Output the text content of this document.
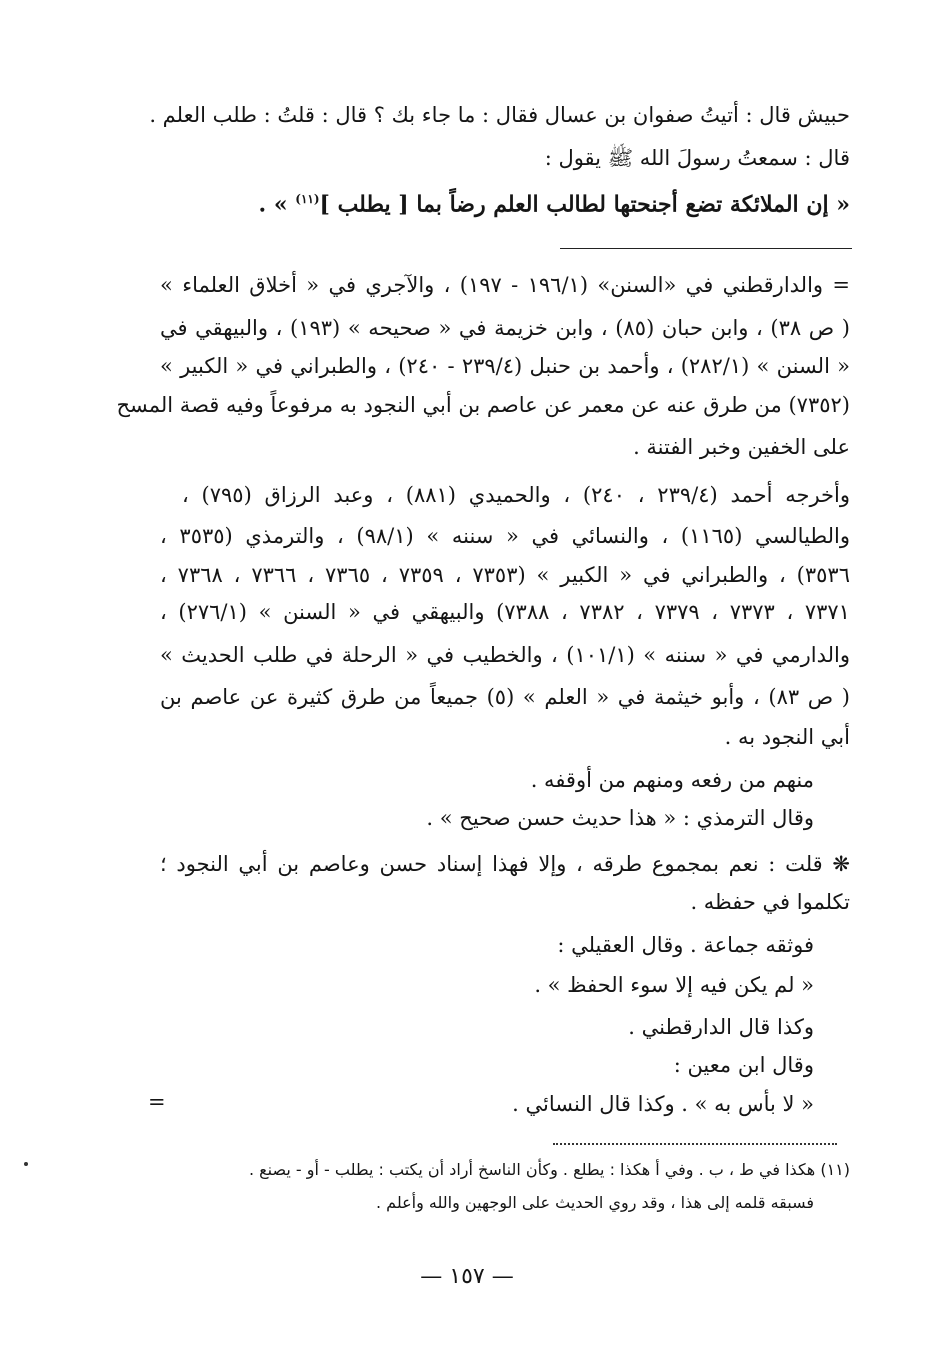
حبيش قال : أتيتُ صفوان بن عسال فقال : ما جاء بك ؟ قال : قلتُ : طلب العلم .
قال : سمعتُ رسولَ الله ﷺ يقول :
« إن الملائكة تضع أجنحتها لطالب العلم رضاً بما [ يطلب ]$^{(١١)}$ » .
= والدارقطني في «السنن» (١٩٦/١ - ١٩٧) ، والآجري في « أخلاق العلماء »
( ص ٣٨) ، وابن حبان (٨٥) ، وابن خزيمة في « صحيحه » (١٩٣) ، والبيهقي في
« السنن » (٢٨٢/١) ، وأحمد بن حنبل (٢٣٩/٤ - ٢٤٠) ، والطبراني في « الكبير »
(٧٣٥٢) من طرق عنه عن معمر عن عاصم بن أبي النجود به مرفوعاً وفيه قصة المسح
على الخفين وخبر الفتنة .
وأخرجه أحمد (٢٣٩/٤ ، ٢٤٠) ، والحميدي (٨٨١) ، وعبد الرزاق (٧٩٥) ،
والطيالسي (١١٦٥) ، والنسائي في « سننه » (٩٨/١) ، والترمذي (٣٥٣٥ ،
٣٥٣٦) ، والطبراني في « الكبير » (٧٣٥٣ ، ٧٣٥٩ ، ٧٣٦٥ ، ٧٣٦٦ ، ٧٣٦٨ ،
٧٣٧١ ، ٧٣٧٣ ، ٧٣٧٩ ، ٧٣٨٢ ، ٧٣٨٨) والبيهقي في « السنن » (٢٧٦/١) ،
والدارمي في « سننه » (١٠١/١) ، والخطيب في « الرحلة في طلب الحديث »
( ص ٨٣) ، وأبو خيثمة في « العلم » (٥) جميعاً من طرق كثيرة عن عاصم بن
أبي النجود به .
منهم من رفعه ومنهم من أوقفه .
وقال الترمذي : « هذا حديث حسن صحيح » .
❋ قلت : نعم بمجموع طرقه ، وإلا فهذا إسناد حسن وعاصم بن أبي النجود ؛
تكلموا في حفظه .
فوثقه جماعة . وقال العقيلي :
« لم يكن فيه إلا سوء الحفظ » .
وكذا قال الدارقطني .
وقال ابن معين :
« لا بأس به » . وكذا قال النسائي .
=
(١١) هكذا في ط ، ب . وفي أ هكذا : يطلع . وكأن الناسخ أراد أن يكتب : يطلب - أو - يصنع .
فسبقه قلمه إلى هذا ، وقد روي الحديث على الوجهين والله وأعلم .
— ١٥٧ —
